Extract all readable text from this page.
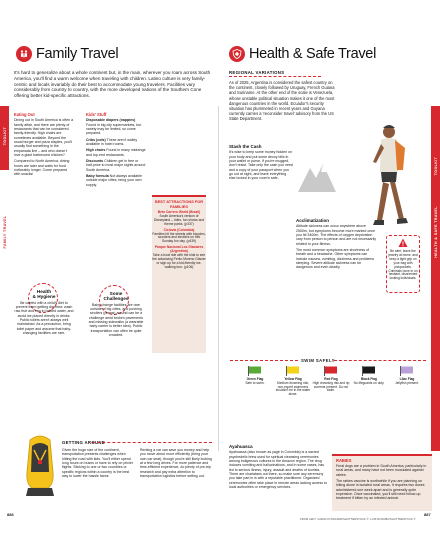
TOOLKIT
FAMILY TRAVEL
Family Travel
It's hard to generalize about a whole continent but, in the main, wherever you roam across South America, you'll find a warm welcome when traveling with children. Latino culture is very family-centric and locals invariably do their best to accommodate young travelers. Facilities vary considerably from country to country, with the more developed nations of the Southern Cone offering better kid-specific attractions.
Eating Out

Dining out in South America is often a family affair, and there are plenty of restaurants that can be considered family-friendly. High chairs are sometimes available. Beyond the usual burger and pizza staples, you'll usually find something in the empanada line – and who doesn't love a giant barbecued chicken?

Compared to North America, dining hours are later and waits for food noticeably longer. Come prepared with snacks!

Health
& Hygiene

Be careful with a child's diet to prevent them getting diarrhea: wash raw fruit and veg in bottled water, and avoid ice placed directly in drinks. Public toilets aren't always well maintained. As a precaution, bring toilet paper and assume that baby-changing facilities are rare.

Kids' Stuff

Disposable diapers (nappies) Found in big city supermarkets, but variety may be limited, so come prepared.

Cribs (cots) These aren't widely available in hotel rooms.

High chairs Found in many midrange and top-end restaurants.

Discounts Children get in free or half-price to most major sights around South America.

Baby formula Not always available outside major cities; bring your own supply.

Some
Challenges

Baby-change facilities are rare outside of big cities, and pushing strollers (prams) around can be a challenge amid broken pavements and missing sidewalks (a wearable baby carrier is better idea). Public transportation can often be quite crowded.

BEST ATTRACTIONS FOR FAMILIES
Beto Carrero World (Brazil)
South America's version of Disneyland – rides, fun shows and theme parks. (p337)
Ciclovía (Colombia)
Families hit the streets with bicycles, scooters and strollers on this Sunday fun day. (p439)
Parque Nacional Los Glaciares (Argentina)
Take a boat ride with the kids to see the advancing Perito Moreno Glacier or sign up for a kid-friendly ice-walking tour. (p106)
GETTING AROUND
Given the huge size of the continent, transportation presents challenges when hitting the road with kids. You'll either spend long hours on buses or have to rely on pricier flights. Sticking to one or two countries or specific regions within a country is the best way to lower the hassle factor.
Renting a car can save you money and help you move about more efficiently (bring your own car seat), though you're still likely looking at a few long drives. For more patience and time-efficient experience, do plenty of pre-trip research and pay extra attention to transportation logistics before setting out.
886
TOOLKIT
HEALTH & SAFE TRAVEL
Health & Safe Travel
REGIONAL VARIATIONS
As of 2025, Argentina is considered the safest country on the continent, closely followed by Uruguay, French Guiana and Suriname. At the other end of the scale is Venezuela, whose unstable political situation makes it one of the most dangerous countries in the world. Ecuador's security situation has plummeted in recent years and Guyana currently carries a 'reconsider travel' advisory from the US State Department.
Stash the Cash

It's wise to keep some money hidden on your body and put some decoy bills in your wallet or purse. If you're mugged, don't resist. Take only the cash you need and a copy of your passport when you go out at night, and leave everything else locked in your room's safe.

Acclimatization

Altitude sickness can occur anywhere above 2500m, but symptoms become more marked once you hit 3400m. The effects of oxygen deprivation vary from person to person and are not necessarily related to your fitness.

The most common symptoms are shortness of breath and a headache. Other symptoms can include nausea, vomiting, dizziness and problems sleeping. Severe altitude sickness can be dangerous and even deadly.

Be alert, leave the jewelry at home, and keep a tight grip on your bag with pickpockets. Criminals hone in on hesitant, disoriented looking individuals.
SWIM SAFELY
Green Flag
Safe to swim.
Yellow Flag
Medium drowning risk; non-expert swimmers shouldn't be in the water alone.
Red Flag
High drowning risk and rip currents present. Do not swim.
Black Flag
No lifeguards on duty.
Lilac Flag
Jellyfish present.
Ayahuasca

Ayahuasca (also known as yagé in Colombia) is a sacred psychedelic brew used for spiritual cleansing ceremonies among indigenous cultures in the Amazon region. The drug induces vomiting and hallucinations, and in some cases, has led to serious illness, injury, assault and deaths of tourists. There are charlatans out there, so make sure any ceremony you take part in is with a reputable practitioner. Organized ceremonies often take place in remote areas lacking access to local authorities or emergency services.

RABIES

Feral dogs are a problem in South America, particularly in rural areas, and many have not been inoculated against rabies.

The rabies vaccine is worthwhile if you are planning on hiking alone in isolated rural areas. It requires two doses administered one week apart and is generally quite expensive. Once vaccinated, you'll still need follow-up treatment if bitten by an infected animal.

FROM LEFT: CAROLYN MCNAIR/SHUTTERSTOCK ©; LUIS ROSOBA/SHUTTERSTOCK ©
887
